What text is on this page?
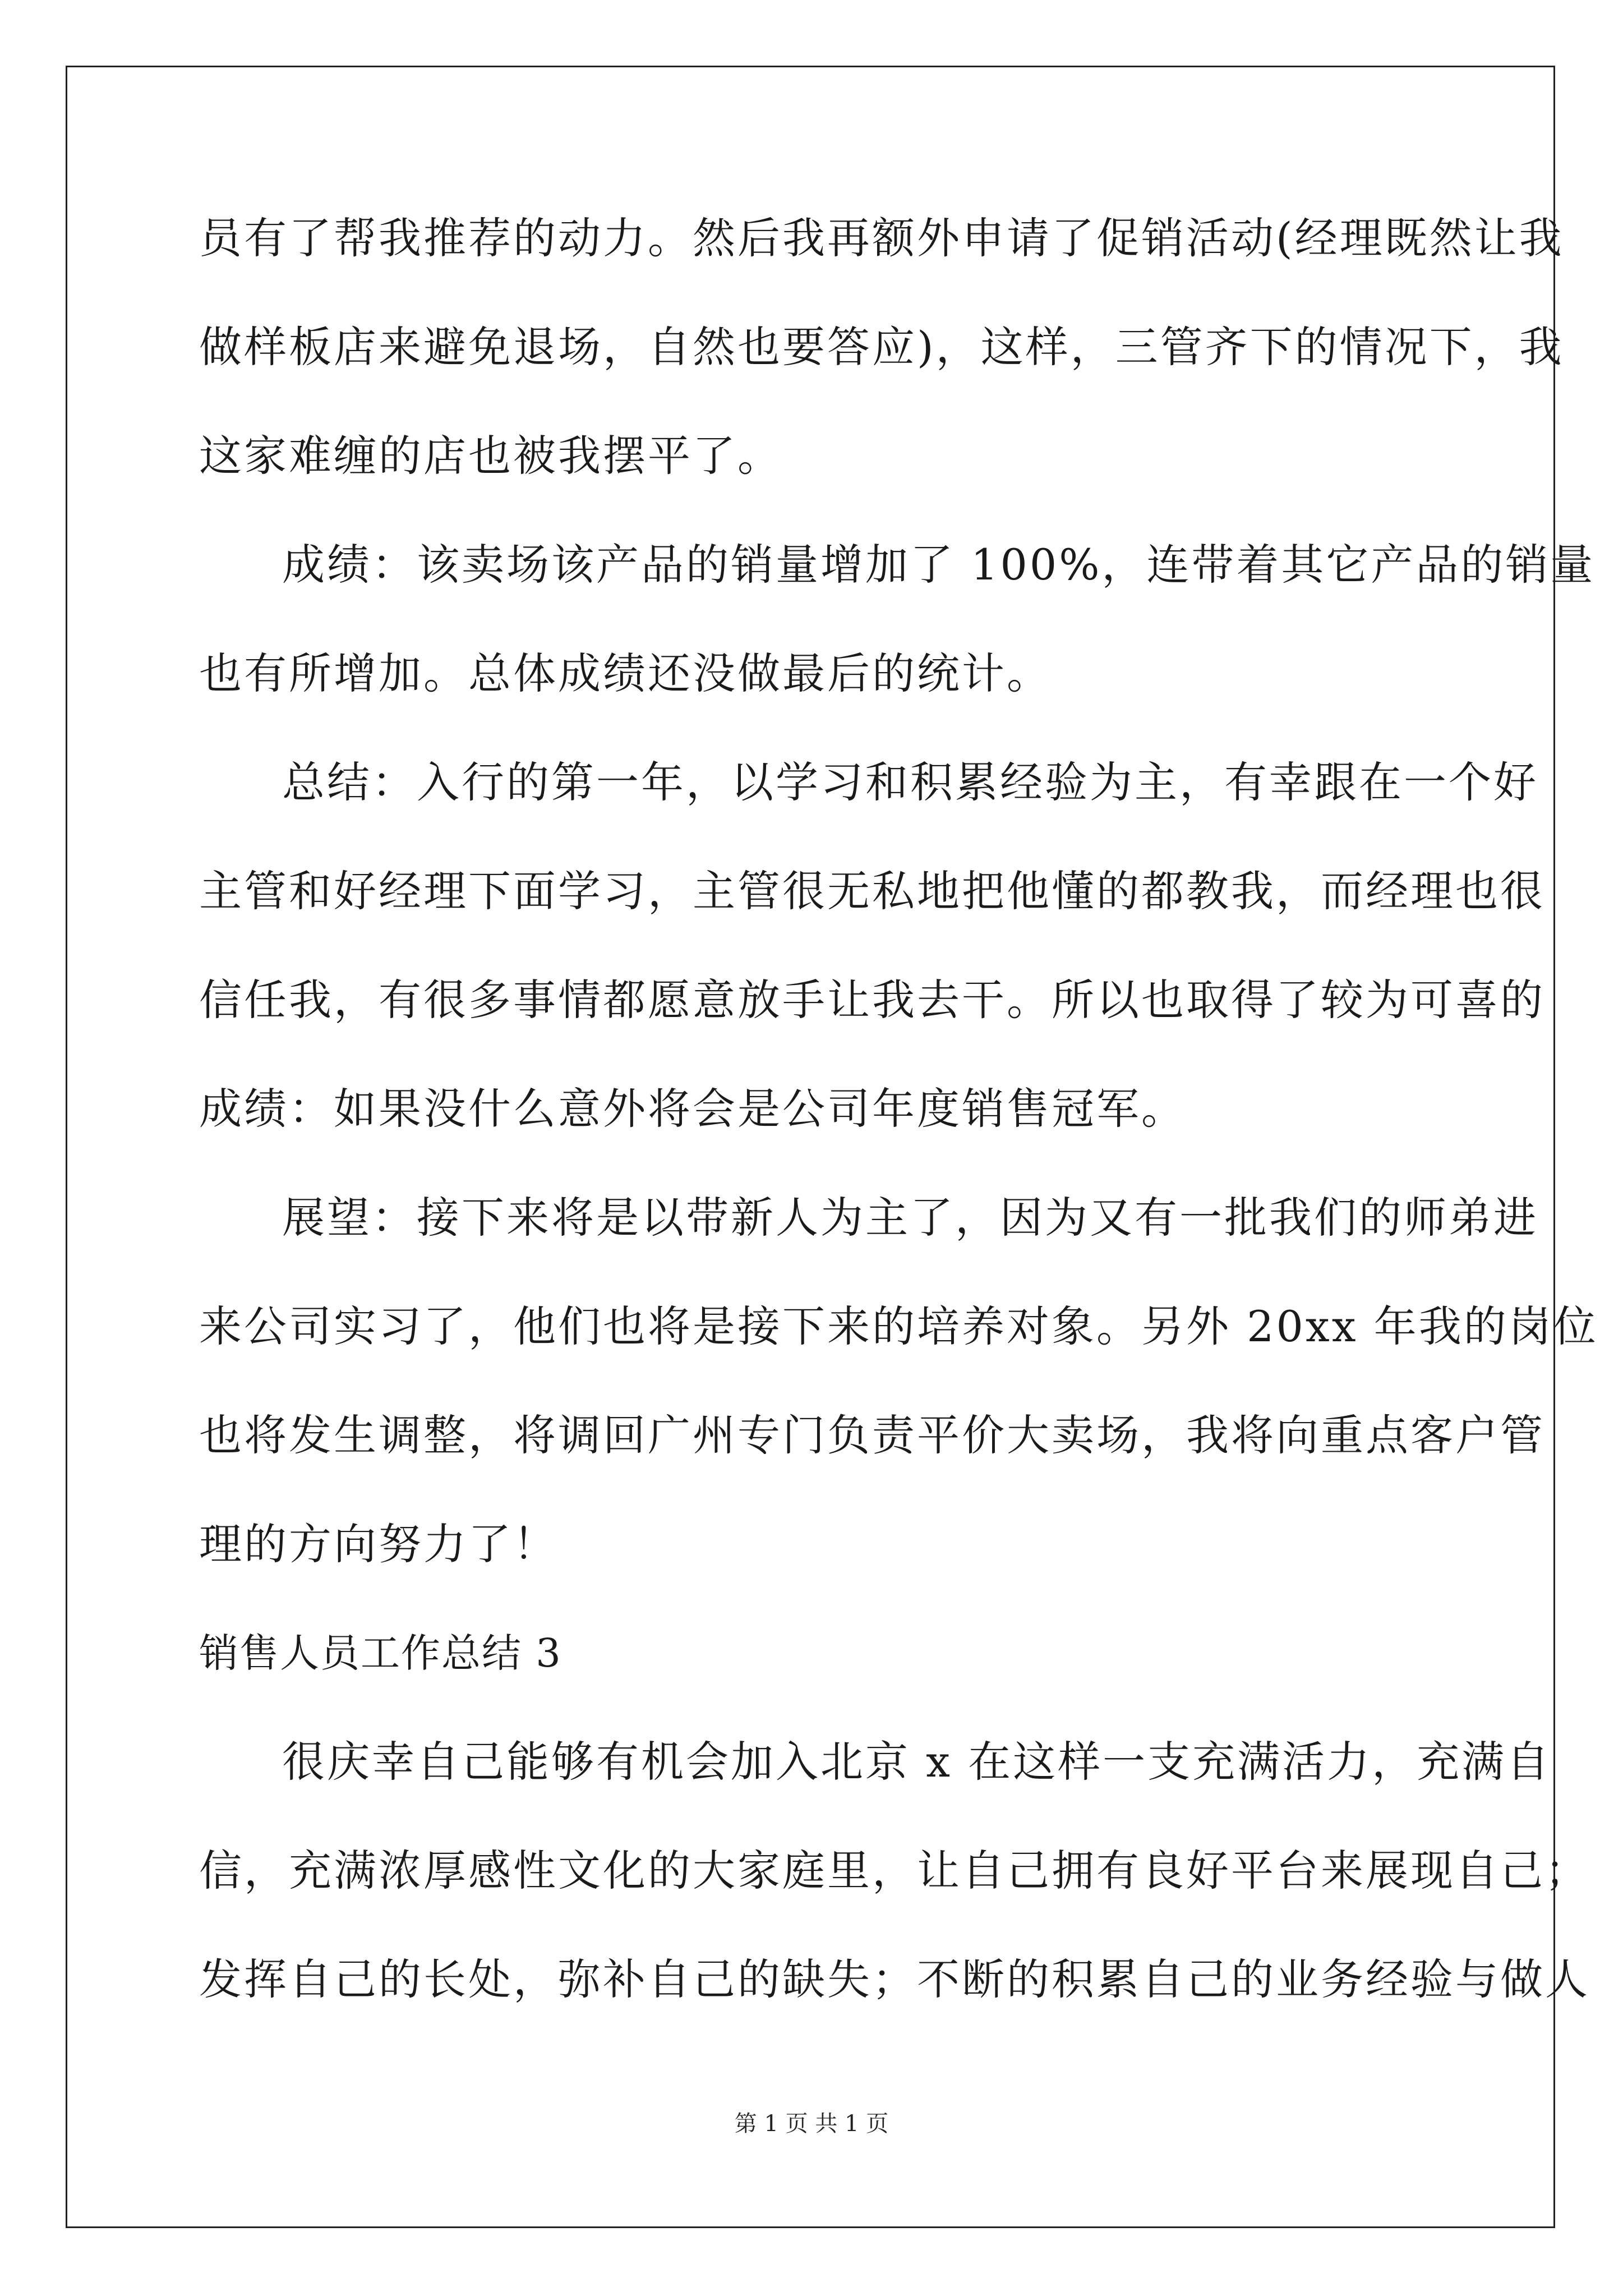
员有了帮我推荐的动力。然后我再额外申请了促销活动(经理既然让我
做样板店来避免退场，自然也要答应)，这样，三管齐下的情况下，我
这家难缠的店也被我摆平了。
成绩：该卖场该产品的销量增加了 100%，连带着其它产品的销量
也有所增加。总体成绩还没做最后的统计。
总结：入行的第一年，以学习和积累经验为主，有幸跟在一个好
主管和好经理下面学习，主管很无私地把他懂的都教我，而经理也很
信任我，有很多事情都愿意放手让我去干。所以也取得了较为可喜的
成绩：如果没什么意外将会是公司年度销售冠军。
展望：接下来将是以带新人为主了，因为又有一批我们的师弟进
来公司实习了，他们也将是接下来的培养对象。另外 20xx 年我的岗位
也将发生调整，将调回广州专门负责平价大卖场，我将向重点客户管
理的方向努力了！
销售人员工作总结 3
很庆幸自己能够有机会加入北京 x 在这样一支充满活力，充满自
信，充满浓厚感性文化的大家庭里，让自己拥有良好平台来展现自己；
发挥自己的长处，弥补自己的缺失；不断的积累自己的业务经验与做人
第 1 页 共 1 页
